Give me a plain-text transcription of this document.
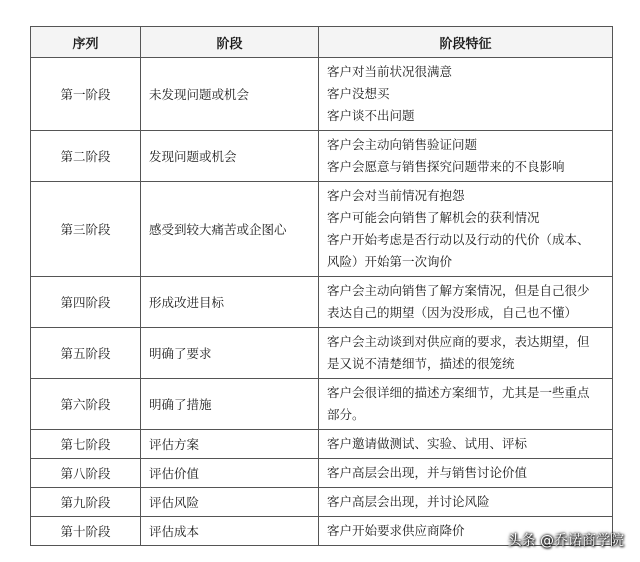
序列	阶段	阶段特征
第一阶段	未发现问题或机会	客户对当前状况很满意
客户没想买
客户谈不出问题

第二阶段	发现问题或机会	客户会主动向销售验证问题
客户会愿意与销售探究问题带来的不良影响

第三阶段	感受到较大痛苦或企图心	客户会对当前情况有抱怨
客户可能会向销售了解机会的获利情况
客户开始考虑是否行动以及行动的代价（成本、
风险）开始第一次询价

第四阶段	形成改进目标	客户会主动向销售了解方案情况，但是自己很少
表达自己的期望（因为没形成，自己也不懂）

第五阶段	明确了要求	客户会主动谈到对供应商的要求，表达期望，但
是又说不清楚细节，描述的很笼统

第六阶段	明确了措施	客户会很详细的描述方案细节，尤其是一些重点
部分。

第七阶段	评估方案	客户邀请做测试、实验、试用、评标

第八阶段	评估价值	客户高层会出现，并与销售讨论价值

第九阶段	评估风险	客户高层会出现，并讨论风险

第十阶段	评估成本	客户开始要求供应商降价
头条 @乔诺商学院
